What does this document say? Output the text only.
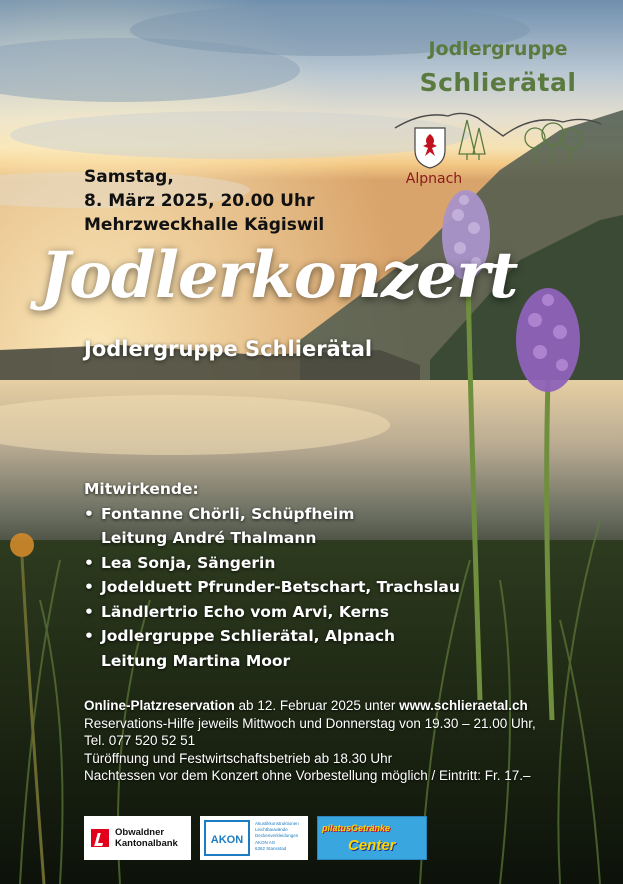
Jodlergruppe
Schlierätal
Alpnach
Samstag,
8. März 2025, 20.00 Uhr
Mehrzweckhalle Kägiswil
Jodlerkonzert
Jodlergruppe Schlierätal
Mitwirkende:
• Fontanne Chörli, Schüpfheim
Leitung André Thalmann
• Lea Sonja, Sängerin
• Jodelduett Pfrunder-Betschart, Trachslau
• Ländlertrio Echo vom Arvi, Kerns
• Jodlergruppe Schlierätal, Alpnach
Leitung Martina Moor
Online-Platzreservation ab 12. Februar 2025 unter www.schlieraetal.ch
Reservations-Hilfe jeweils Mittwoch und Donnerstag von 19.30 – 21.00 Uhr,
Tel. 077 520 52 51
Türöffnung und Festwirtschaftsbetrieb ab 18.30 Uhr
Nachtessen vor dem Konzert ohne Vorbestellung möglich / Eintritt: Fr. 17.–
Obwaldner
Kantonalbank	AKON
Akustikkonstruktionen
Leichtbauwände
Deckenverkleidungen
AKON AG
6362 Stansstad
pilatusGetränke
Center
